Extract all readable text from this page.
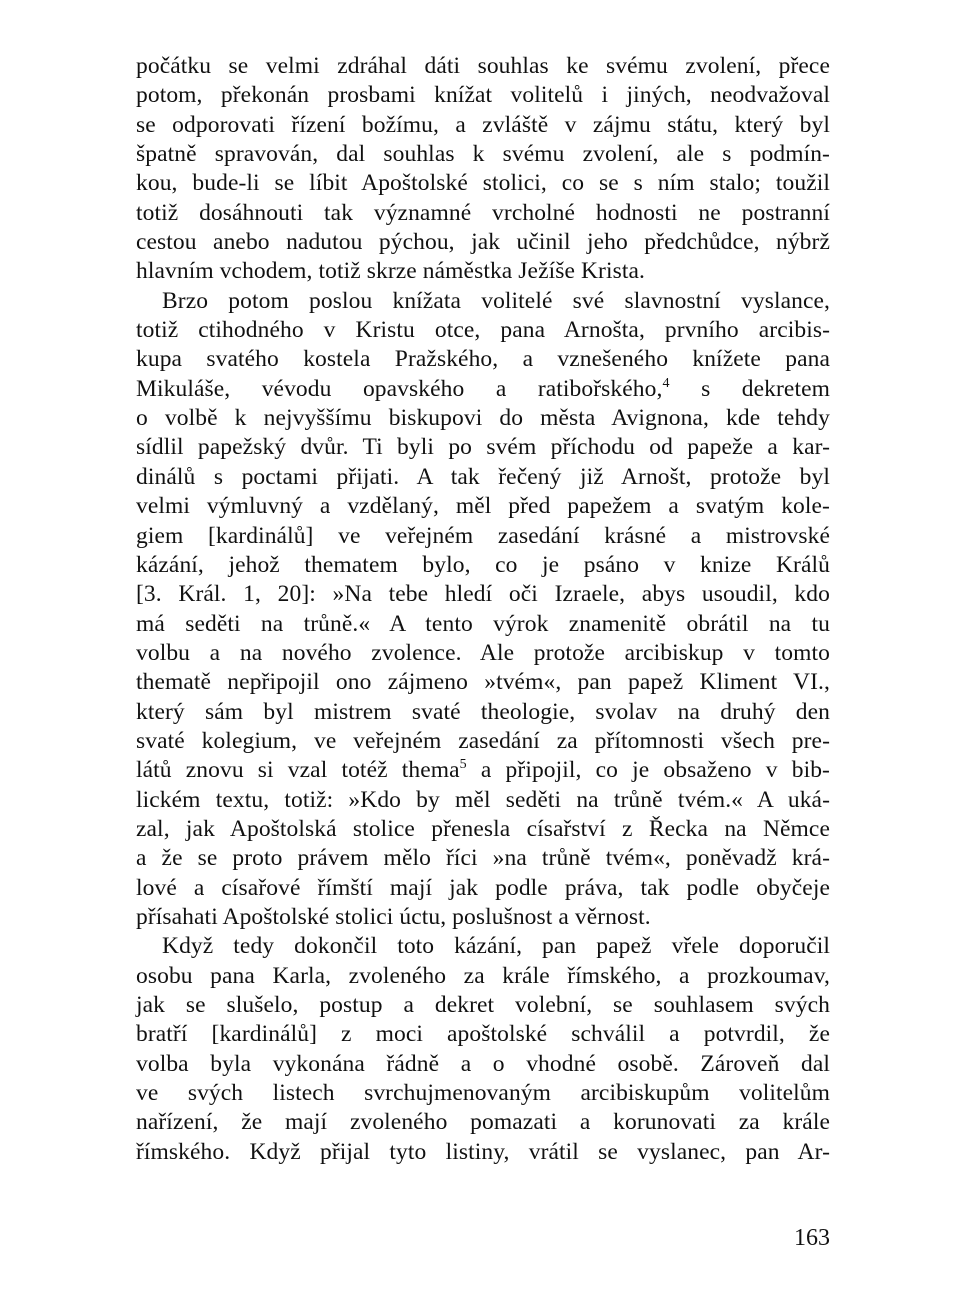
počátku se velmi zdráhal dáti souhlas ke svému zvolení, přece
potom, překonán prosbami knížat volitelů i jiných, neodvažoval
se odporovati řízení božímu, a zvláště v zájmu státu, který byl
špatně spravován, dal souhlas k svému zvolení, ale s podmín-
kou, bude-li se líbit Apoštolské stolici, co se s ním stalo; toužil
totiž dosáhnouti tak významné vrcholné hodnosti ne postranní
cestou anebo nadutou pýchou, jak učinil jeho předchůdce, nýbrž
hlavním vchodem, totiž skrze náměstka Ježíše Krista.
Brzo potom poslou knížata volitelé své slavnostní vyslance,
totiž ctihodného v Kristu otce, pana Arnošta, prvního arcibis-
kupa svatého kostela Pražského, a vznešeného knížete pana
Mikuláše, vévodu opavského a ratibořského,$^4$ s dekretem
o volbě k nejvyššímu biskupovi do města Avignona, kde tehdy
sídlil papežský dvůr. Ti byli po svém příchodu od papeže a kar-
dinálů s poctami přijati. A tak řečený již Arnošt, protože byl
velmi výmluvný a vzdělaný, měl před papežem a svatým kole-
giem [kardinálů] ve veřejném zasedání krásné a mistrovské
kázání, jehož thematem bylo, co je psáno v knize Králů
[3. Král. 1, 20]: »Na tebe hledí oči Izraele, abys usoudil, kdo
má seděti na trůně.« A tento výrok znamenitě obrátil na tu
volbu a na nového zvolence. Ale protože arcibiskup v tomto
thematě nepřipojil ono zájmeno »tvém«, pan papež Kliment VI.,
který sám byl mistrem svaté theologie, svolav na druhý den
svaté kolegium, ve veřejném zasedání za přítomnosti všech pre-
látů znovu si vzal totéž thema$^5$ a připojil, co je obsaženo v bib-
lickém textu, totiž: »Kdo by měl seděti na trůně tvém.« A uká-
zal, jak Apoštolská stolice přenesla císařství z Řecka na Němce
a že se proto právem mělo říci »na trůně tvém«, poněvadž krá-
lové a císařové římští mají jak podle práva, tak podle obyčeje
přísahati Apoštolské stolici úctu, poslušnost a věrnost.
Když tedy dokončil toto kázání, pan papež vřele doporučil
osobu pana Karla, zvoleného za krále římského, a prozkoumav,
jak se slušelo, postup a dekret volební, se souhlasem svých
bratří [kardinálů] z moci apoštolské schválil a potvrdil, že
volba byla vykonána řádně a o vhodné osobě. Zároveň dal
ve svých listech svrchujmenovaným arcibiskupům volitelům
nařízení, že mají zvoleného pomazati a korunovati za krále
římského. Když přijal tyto listiny, vrátil se vyslanec, pan Ar-
163
